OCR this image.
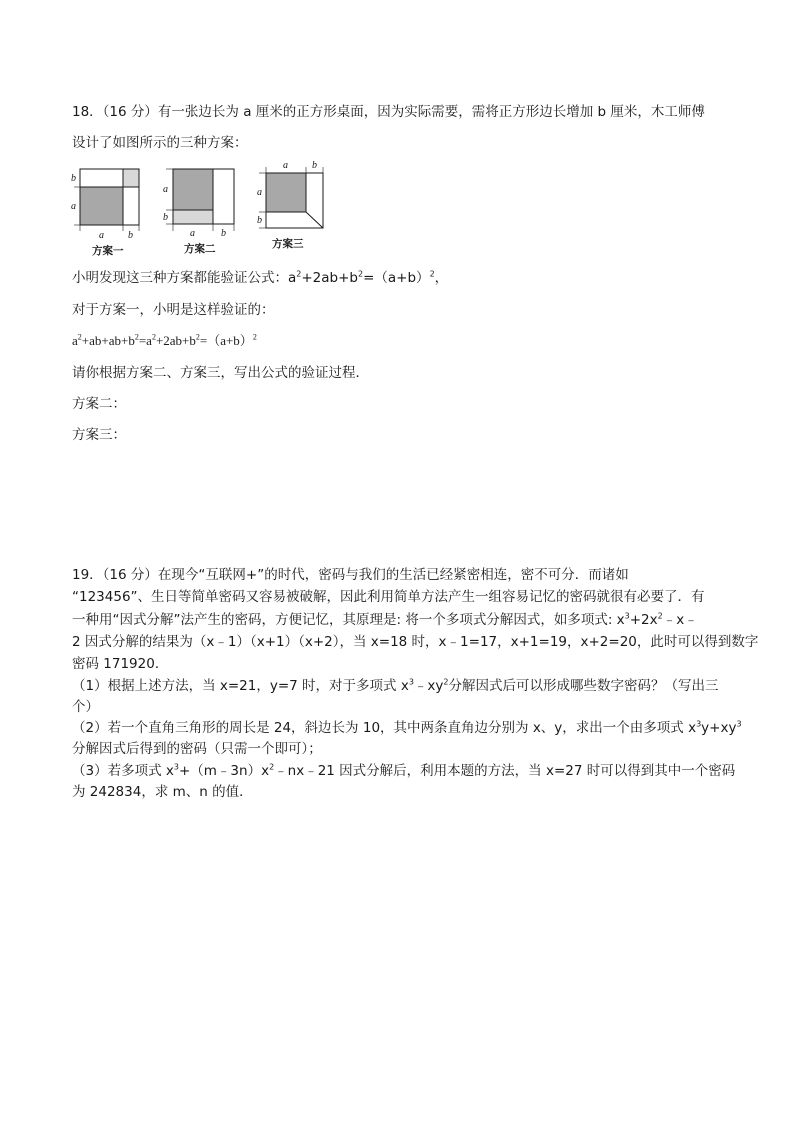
18．（16 分）有一张边长为 a 厘米的正方形桌面，因为实际需要，需将正方形边长增加 b 厘米，木工师傅
设计了如图所示的三种方案：
b
a
a b
方案一
a
b
a	b
方案二
a b
a
b
方案三
小明发现这三种方案都能验证公式：$a^2+2ab+b^2=(a+b)^2$，
对于方案一，小明是这样验证的：
$a^2+ab+ab+b^2=a^2+2ab+b^2=(a+b)^2$
请你根据方案二、方案三，写出公式的验证过程．
方案二：
方案三：
19．（16 分）在现今“互联网+”的时代，密码与我们的生活已经紧密相连，密不可分．而诸如
“123456”、生日等简单密码又容易被破解，因此利用简单方法产生一组容易记忆的密码就很有必要了．有
一种用“因式分解”法产生的密码，方便记忆，其原理是: 将一个多项式分解因式，如多项式: $x^3+2x^2﹣x﹣$
2 因式分解的结果为（x﹣1）（x+1）（x+2），当 x=18 时，x﹣1=17，x+1=19，x+2=20，此时可以得到数字
密码 171920．
（1）根据上述方法，当 x=21，y=7 时，对于多项式 $x^3﹣xy^2$分解因式后可以形成哪些数字密码？（写出三
个）
（2）若一个直角三角形的周长是 24，斜边长为 10，其中两条直角边分别为 x、y，求出一个由多项式 $x^3y+xy^3$
分解因式后得到的密码（只需一个即可）；
（3）若多项式 $x^3+(m﹣3n)x^2﹣nx﹣21$ 因式分解后，利用本题的方法，当 x=27 时可以得到其中一个密码
为 242834，求 m、n 的值．
